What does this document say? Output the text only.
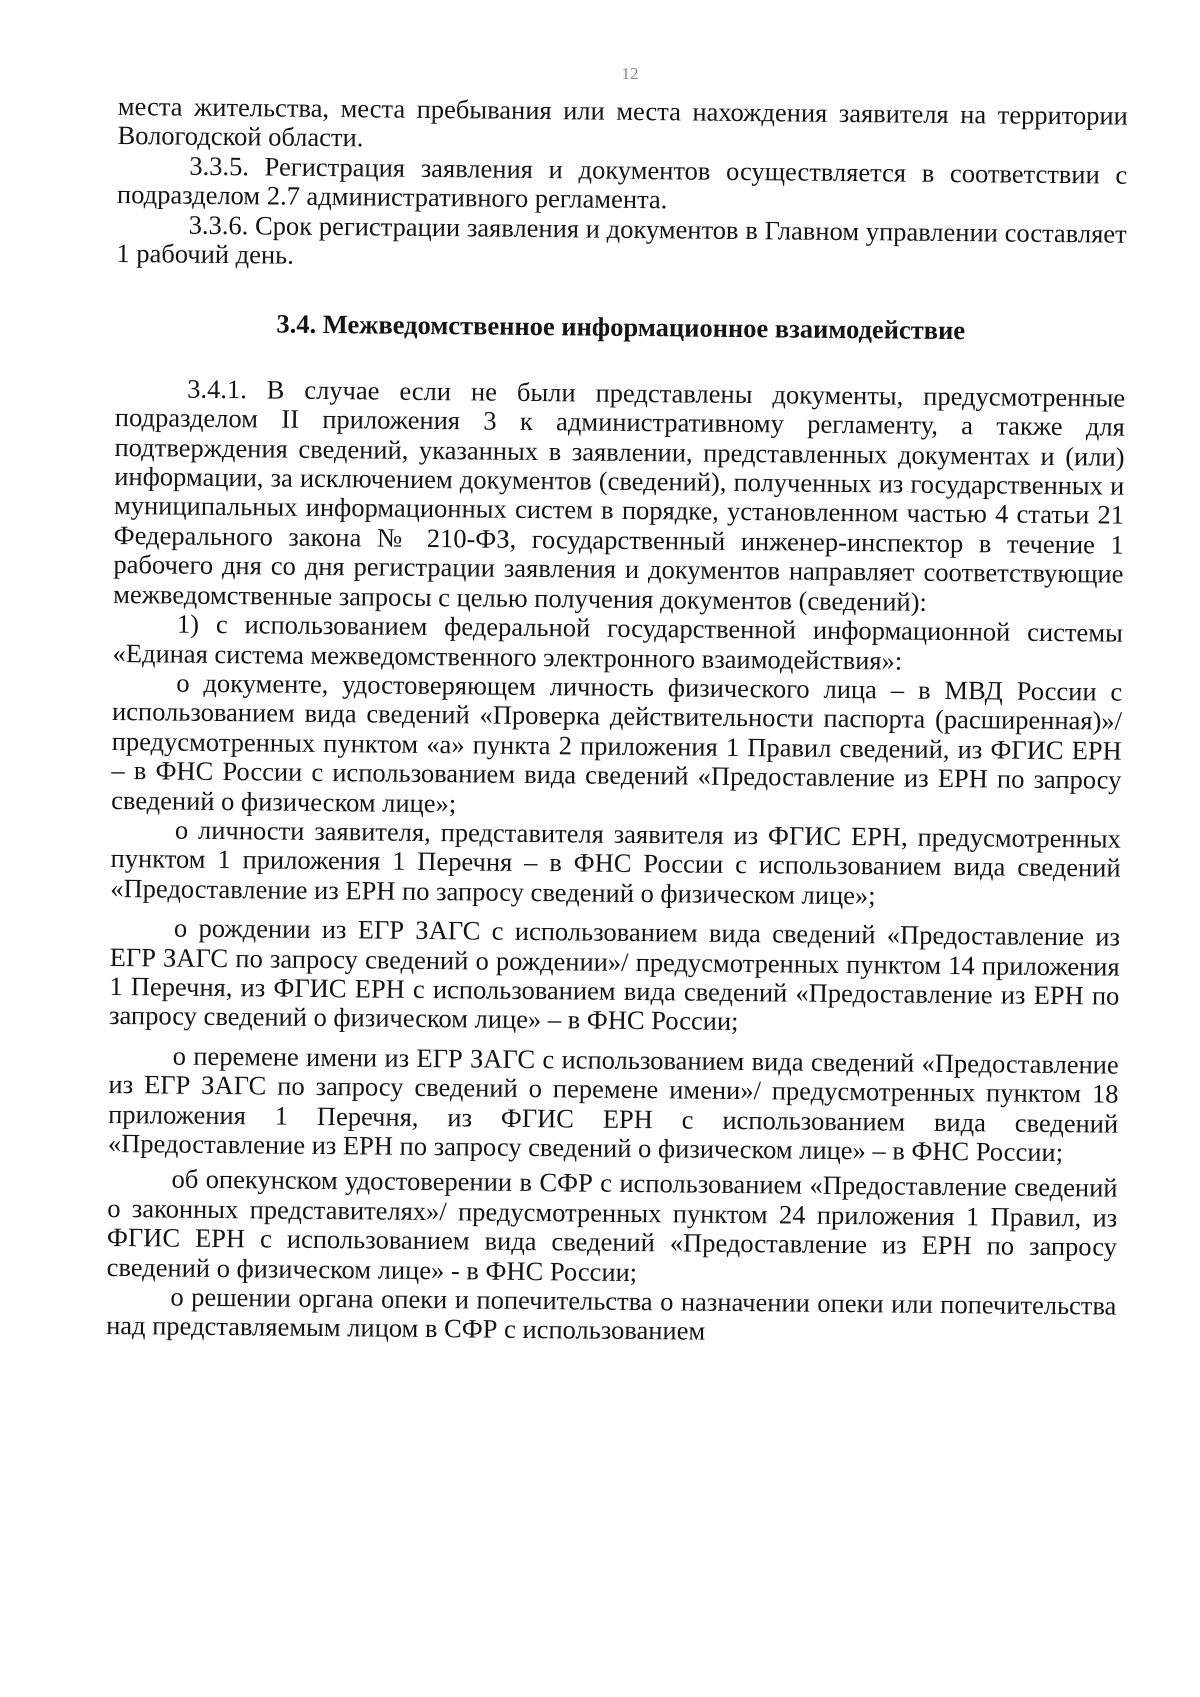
12

места жительства, места пребывания или места нахождения заявителя на территории Вологодской области.

3.3.5. Регистрация заявления и документов осуществляется в соответствии с подразделом 2.7 административного регламента.

3.3.6. Срок регистрации заявления и документов в Главном управлении составляет 1 рабочий день.

3.4. Межведомственное информационное взаимодействие

3.4.1. В случае если не были представлены документы, предусмотренные подразделом II приложения 3 к административному регламенту, а также для подтверждения сведений, указанных в заявлении, представленных документах и (или) информации, за исключением документов (сведений), полученных из государственных и муниципальных информационных систем в порядке, установленном частью 4 статьи 21 Федерального закона № 210-ФЗ, государственный инженер-инспектор в течение 1 рабочего дня со дня регистрации заявления и документов направляет соответствующие межведомственные запросы с целью получения документов (сведений):

1) с использованием федеральной государственной информационной системы «Единая система межведомственного электронного взаимодействия»:

о документе, удостоверяющем личность физического лица – в МВД России с использованием вида сведений «Проверка действительности паспорта (расширенная)»/предусмотренных пунктом «а» пункта 2 приложения 1 Правил сведений, из ФГИС ЕРН – в ФНС России с использованием вида сведений «Предоставление из ЕРН по запросу сведений о физическом лице»;

о личности заявителя, представителя заявителя из ФГИС ЕРН, предусмотренных пунктом 1 приложения 1 Перечня – в ФНС России с использованием вида сведений «Предоставление из ЕРН по запросу сведений о физическом лице»;

о рождении из ЕГР ЗАГС с использованием вида сведений «Предоставление из ЕГР ЗАГС по запросу сведений о рождении»/ предусмотренных пунктом 14 приложения 1 Перечня, из ФГИС ЕРН с использованием вида сведений «Предоставление из ЕРН по запросу сведений о физическом лице» – в ФНС России;

о перемене имени из ЕГР ЗАГС с использованием вида сведений «Предоставление из ЕГР ЗАГС по запросу сведений о перемене имени»/ предусмотренных пунктом 18 приложения 1 Перечня, из ФГИС ЕРН с использованием вида сведений «Предоставление из ЕРН по запросу сведений о физическом лице» – в ФНС России;

об опекунском удостоверении в СФР с использованием «Предоставление сведений о законных представителях»/ предусмотренных пунктом 24 приложения 1 Правил, из ФГИС ЕРН с использованием вида сведений «Предоставление из ЕРН по запросу сведений о физическом лице» - в ФНС России;

о решении органа опеки и попечительства о назначении опеки или попечительства над представляемым лицом в СФР с использованием
